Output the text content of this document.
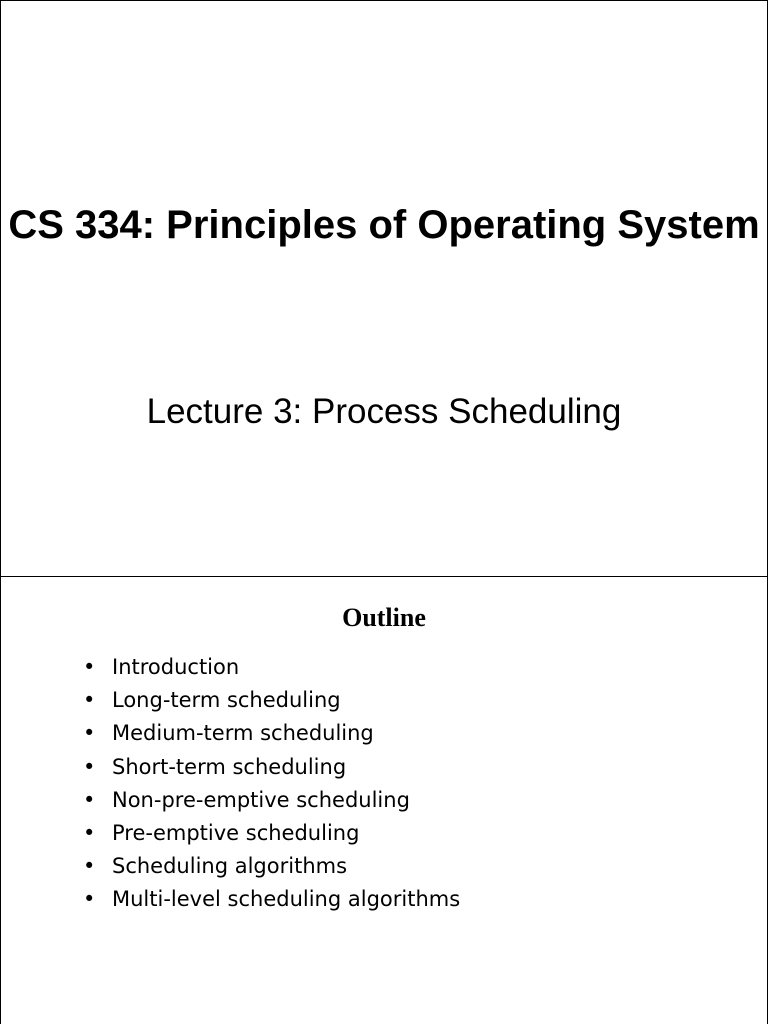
CS 334: Principles of Operating System

Lecture 3: Process Scheduling

Outline
• Introduction
• Long-term scheduling
• Medium-term scheduling
• Short-term scheduling
• Non-pre-emptive scheduling
• Pre-emptive scheduling
• Scheduling algorithms
• Multi-level scheduling algorithms
